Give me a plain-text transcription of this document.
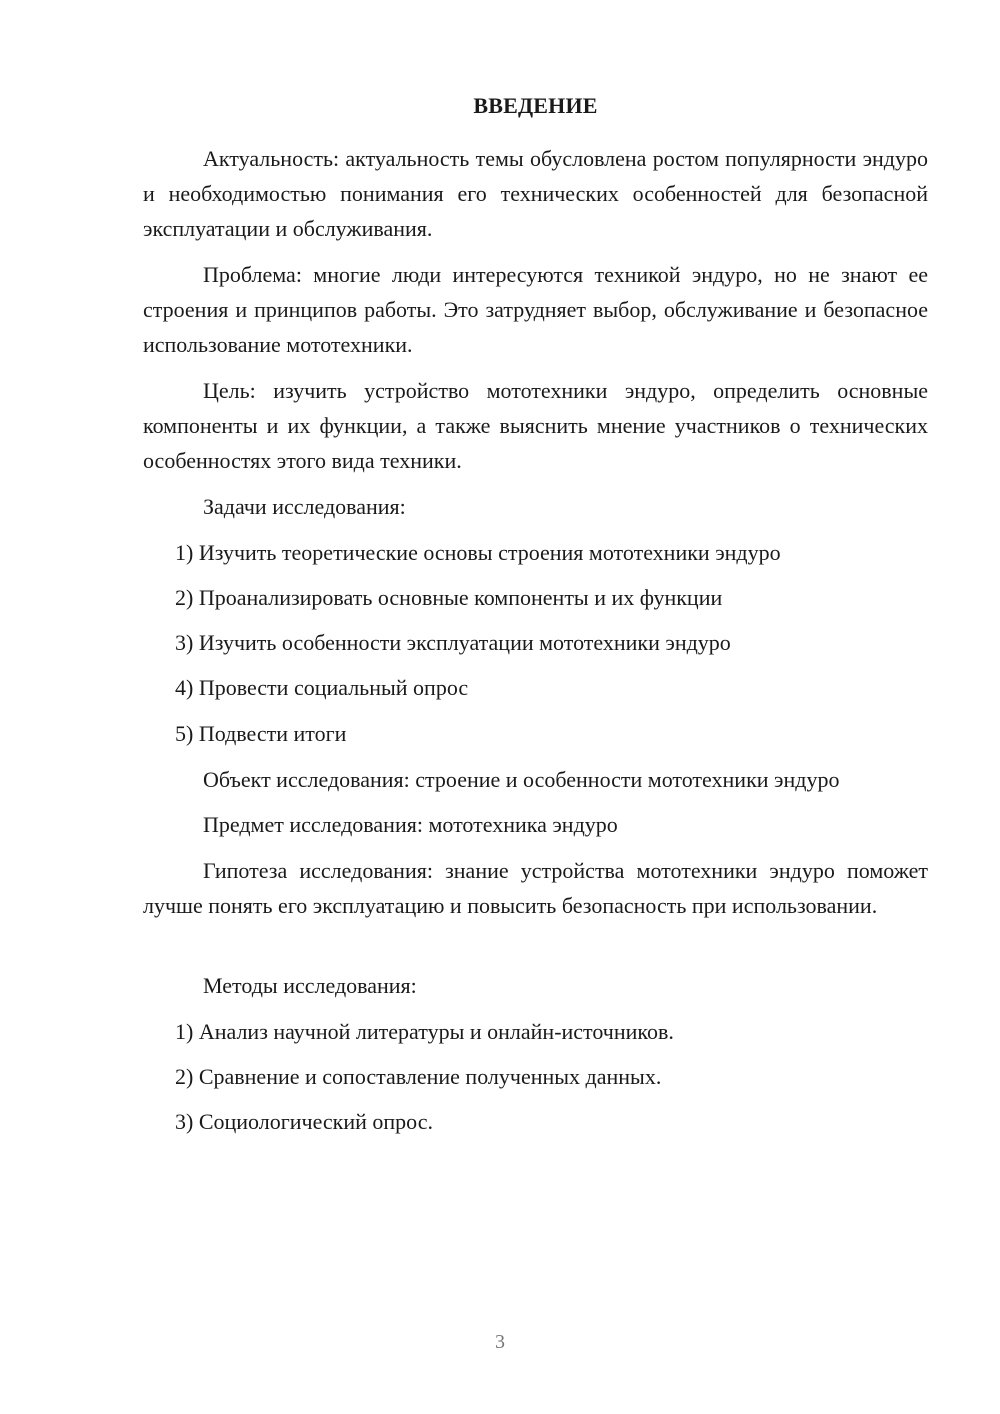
ВВЕДЕНИЕ

Актуальность: актуальность темы обусловлена ростом популярности эндуро и необходимостью понимания его технических особенностей для безопасной эксплуатации и обслуживания.

Проблема: многие люди интересуются техникой эндуро, но не знают ее строения и принципов работы. Это затрудняет выбор, обслуживание и безопасное использование мототехники.

Цель: изучить устройство мототехники эндуро, определить основные компоненты и их функции, а также выяснить мнение участников о технических особенностях этого вида техники.

Задачи исследования:

1) Изучить теоретические основы строения мототехники эндуро

2) Проанализировать основные компоненты и их функции

3) Изучить особенности эксплуатации мототехники эндуро

4) Провести социальный опрос

5) Подвести итоги

Объект исследования: строение и особенности мототехники эндуро

Предмет исследования: мототехника эндуро

Гипотеза исследования: знание устройства мототехники эндуро поможет лучше понять его эксплуатацию и повысить безопасность при использовании.

Методы исследования:

1) Анализ научной литературы и онлайн-источников.

2) Сравнение и сопоставление полученных данных.

3) Социологический опрос.

3
